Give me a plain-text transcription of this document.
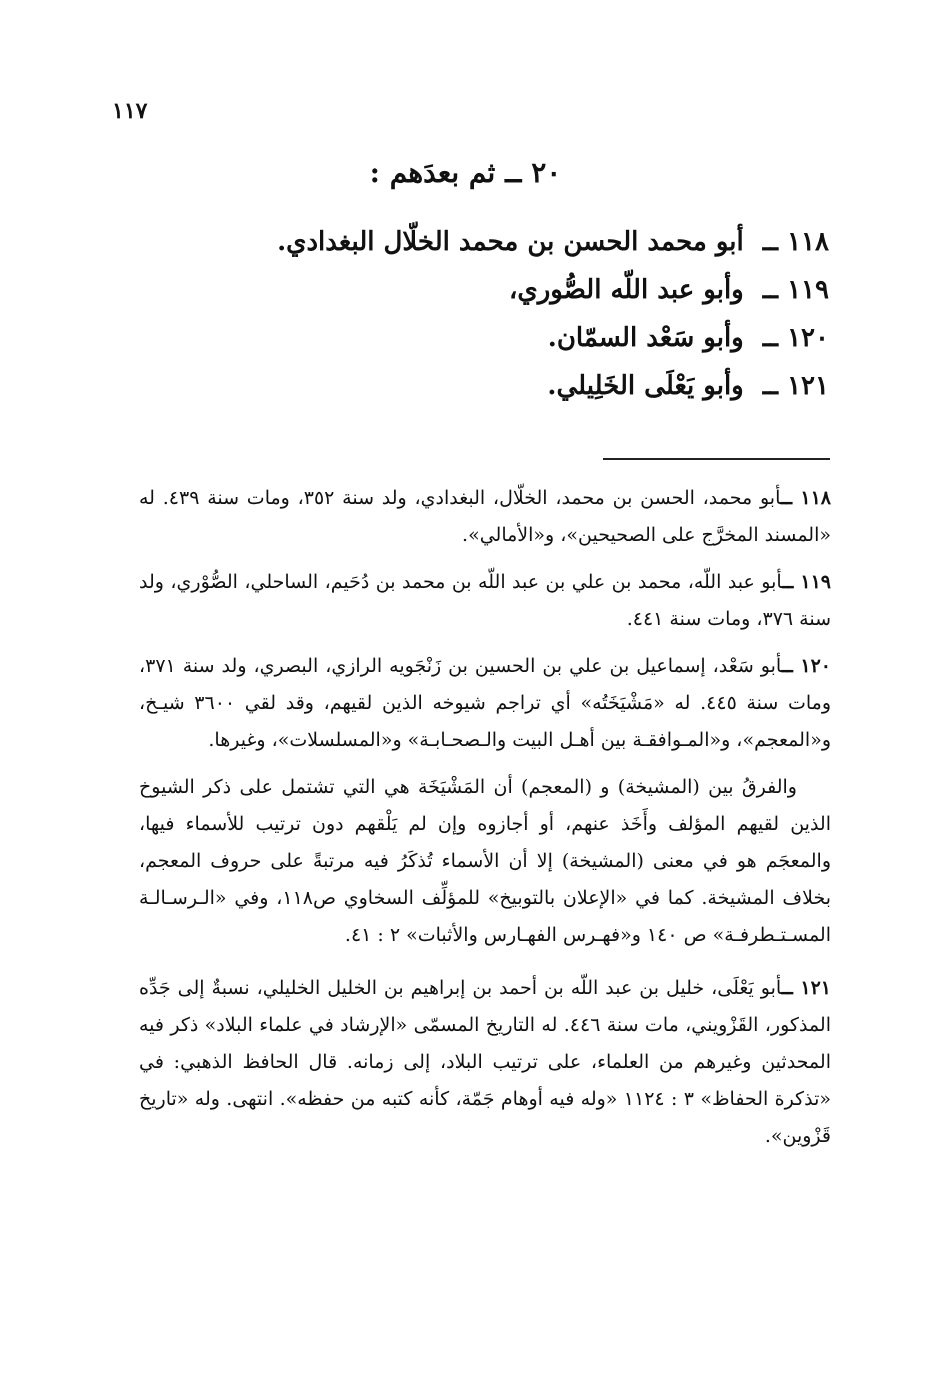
١١٧
٢٠ ــ ثم بعدَهم :
١١٨ ــ أبو محمد الحسن بن محمد الخلّال البغدادي.
١١٩ ــ وأبو عبد اللّه الصُّوري،
١٢٠ ــ وأبو سَعْد السمّان.
١٢١ ــ وأبو يَعْلَى الخَلِيلي.

١١٨ ــأبو محمد، الحسن بن محمد، الخلّال، البغدادي، ولد سنة ٣٥٢، ومات سنة ٤٣٩. له «المسند المخرَّج على الصحيحين»، و«الأمالي».

١١٩ ــأبو عبد اللّه، محمد بن علي بن عبد اللّه بن محمد بن دُحَيم، الساحلي، الصُّوْري، ولد سنة ٣٧٦، ومات سنة ٤٤١.

١٢٠ ــأبو سَعْد، إسماعيل بن علي بن الحسين بن زَنْجَويه الرازي، البصري، ولد سنة ٣٧١، ومات سنة ٤٤٥. له «مَشْيَخَتُه» أي تراجم شيوخه الذين لقيهم، وقد لقي ٣٦٠٠ شيـخ، و«المعجم»، و«المـوافقـة بين أهـل البيت والـصحـابـة» و«المسلسلات»، وغيرها.

والفرقُ بين (المشيخة) و (المعجم) أن المَشْيَخَة هي التي تشتمل على ذكر الشيوخ الذين لقيهم المؤلف وأَخَذ عنهم، أو أجازوه وإن لم يَلْقهم دون ترتيب للأسماء فيها، والمعجَم هو في معنى (المشيخة) إلا أن الأسماء تُذكَرُ فيه مرتبةً على حروف المعجم، بخلاف المشيخة. كما في «الإعلان بالتوبيخ» للمؤلِّف السخاوي ص١١٨، وفي «الـرسـالـة المسـتـطرفـة» ص ١٤٠ و«فهـرس الفهـارس والأثبات» ٢ : ٤١.

١٢١ ــأبو يَعْلَى، خليل بن عبد اللّه بن أحمد بن إبراهيم بن الخليل الخليلي، نسبةٌ إلى جَدِّه المذكور، القَزْويني، مات سنة ٤٤٦. له التاريخ المسمّى «الإرشاد في علماء البلاد» ذكر فيه المحدثين وغيرهم من العلماء، على ترتيب البلاد، إلى زمانه. قال الحافظ الذهبي: في «تذكرة الحفاظ» ٣ : ١١٢٤ «وله فيه أوهام جَمّة، كأنه كتبه من حفظه». انتهى. وله «تاريخ قَزْوين».
